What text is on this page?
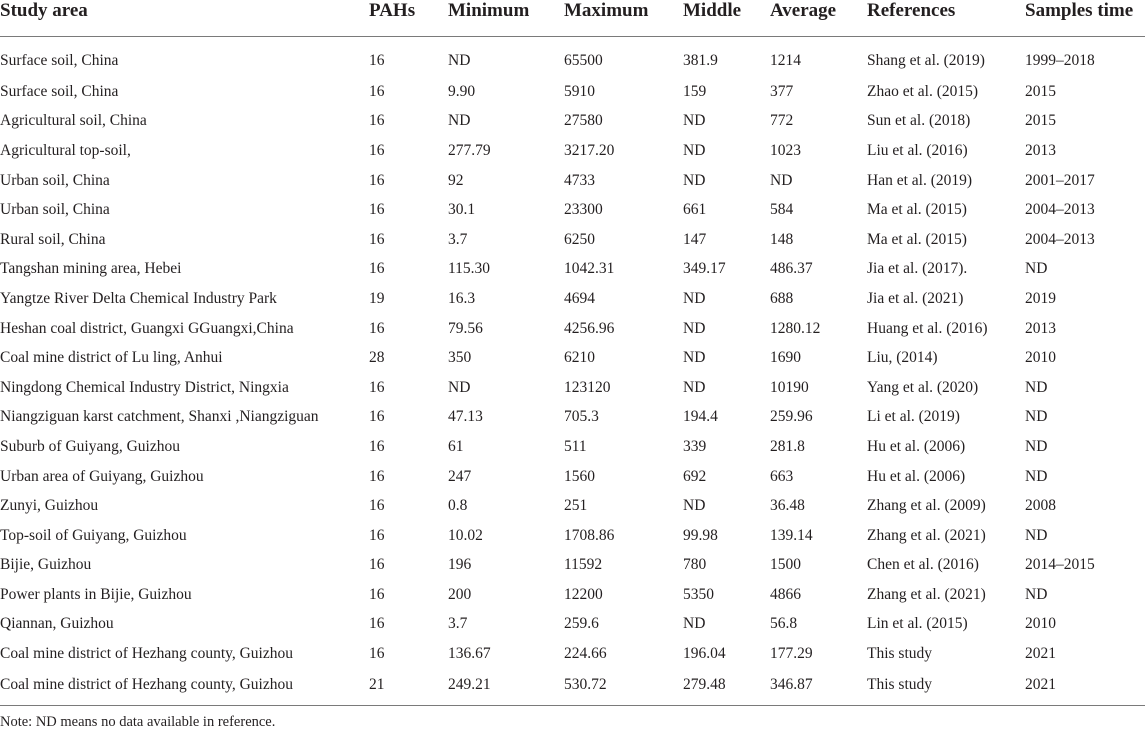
Study area	PAHs	Minimum	Maximum	Middle	Average	References	Samples time
Surface soil, China	16	ND	65500	381.9	1214	Shang et al. (2019)	1999–2018
Surface soil, China	16	9.90	5910	159	377	Zhao et al. (2015)	2015
Agricultural soil, China	16	ND	27580	ND	772	Sun et al. (2018)	2015
Agricultural top-soil,	16	277.79	3217.20	ND	1023	Liu et al. (2016)	2013
Urban soil, China	16	92	4733	ND	ND	Han et al. (2019)	2001–2017
Urban soil, China	16	30.1	23300	661	584	Ma et al. (2015)	2004–2013
Rural soil, China	16	3.7	6250	147	148	Ma et al. (2015)	2004–2013
Tangshan mining area, Hebei	16	115.30	1042.31	349.17	486.37	Jia et al. (2017).	ND
Yangtze River Delta Chemical Industry Park	19	16.3	4694	ND	688	Jia et al. (2021)	2019
Heshan coal district, Guangxi GGuangxi,China	16	79.56	4256.96	ND	1280.12	Huang et al. (2016)	2013
Coal mine district of Lu ling, Anhui	28	350	6210	ND	1690	Liu, (2014)	2010
Ningdong Chemical Industry District, Ningxia	16	ND	123120	ND	10190	Yang et al. (2020)	ND
Niangziguan karst catchment, Shanxi ,Niangziguan	16	47.13	705.3	194.4	259.96	Li et al. (2019)	ND
Suburb of Guiyang, Guizhou	16	61	511	339	281.8	Hu et al. (2006)	ND
Urban area of Guiyang, Guizhou	16	247	1560	692	663	Hu et al. (2006)	ND
Zunyi, Guizhou	16	0.8	251	ND	36.48	Zhang et al. (2009)	2008
Top-soil of Guiyang, Guizhou	16	10.02	1708.86	99.98	139.14	Zhang et al. (2021)	ND
Bijie, Guizhou	16	196	11592	780	1500	Chen et al. (2016)	2014–2015
Power plants in Bijie, Guizhou	16	200	12200	5350	4866	Zhang et al. (2021)	ND
Qiannan, Guizhou	16	3.7	259.6	ND	56.8	Lin et al. (2015)	2010
Coal mine district of Hezhang county, Guizhou	16	136.67	224.66	196.04	177.29	This study	2021
Coal mine district of Hezhang county, Guizhou	21	249.21	530.72	279.48	346.87	This study	2021
Note: ND means no data available in reference.
